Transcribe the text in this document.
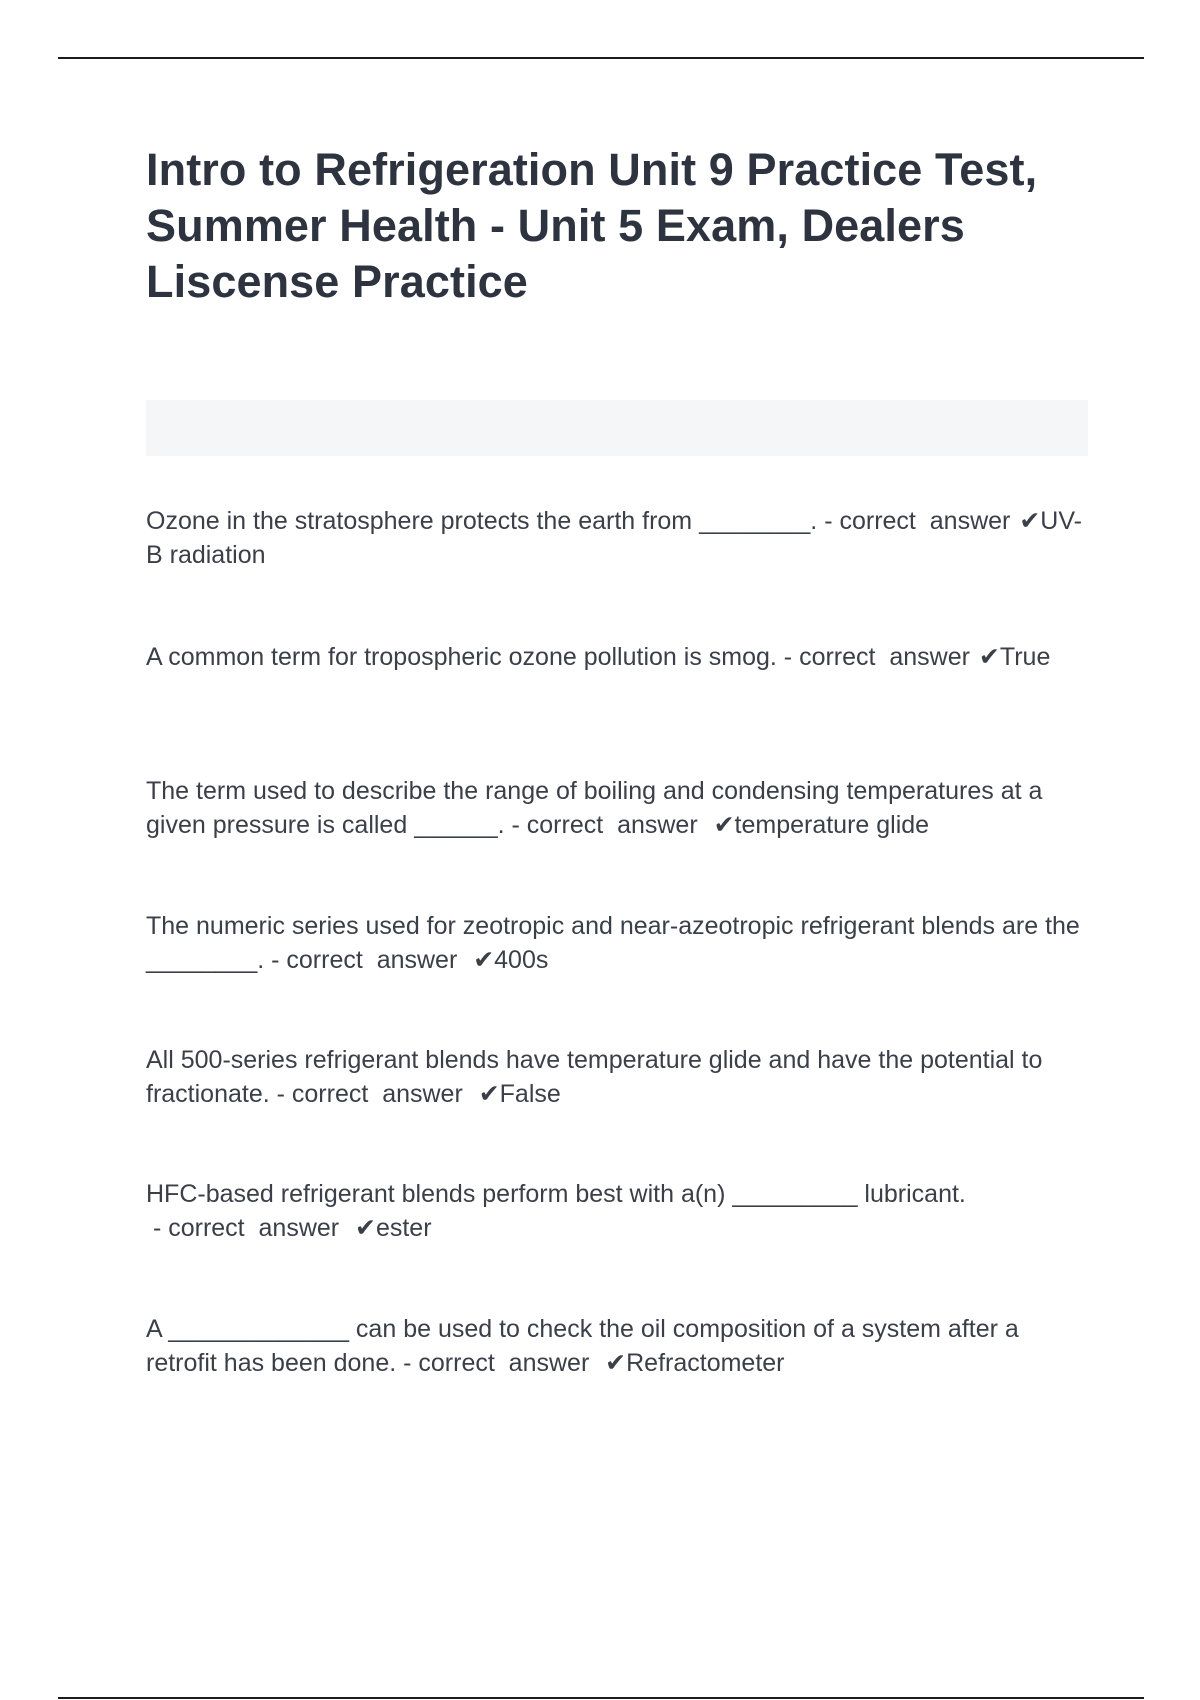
Intro to Refrigeration Unit 9 Practice Test, Summer Health - Unit 5 Exam, Dealers Liscense Practice

Ozone in the stratosphere protects the earth from ________. - correct  answer ✔UV-B radiation

A common term for tropospheric ozone pollution is smog. - correct  answer ✔True

The term used to describe the range of boiling and condensing temperatures at a given pressure is called ______. - correct  answer  ✔temperature glide

The numeric series used for zeotropic and near-azeotropic refrigerant blends are the ________. - correct  answer  ✔400s

All 500-series refrigerant blends have temperature glide and have the potential to fractionate. - correct  answer  ✔False

HFC-based refrigerant blends perform best with a(n) _________ lubricant. - correct  answer  ✔ester

A _____________ can be used to check the oil composition of a system after a retrofit has been done. - correct  answer  ✔Refractometer
